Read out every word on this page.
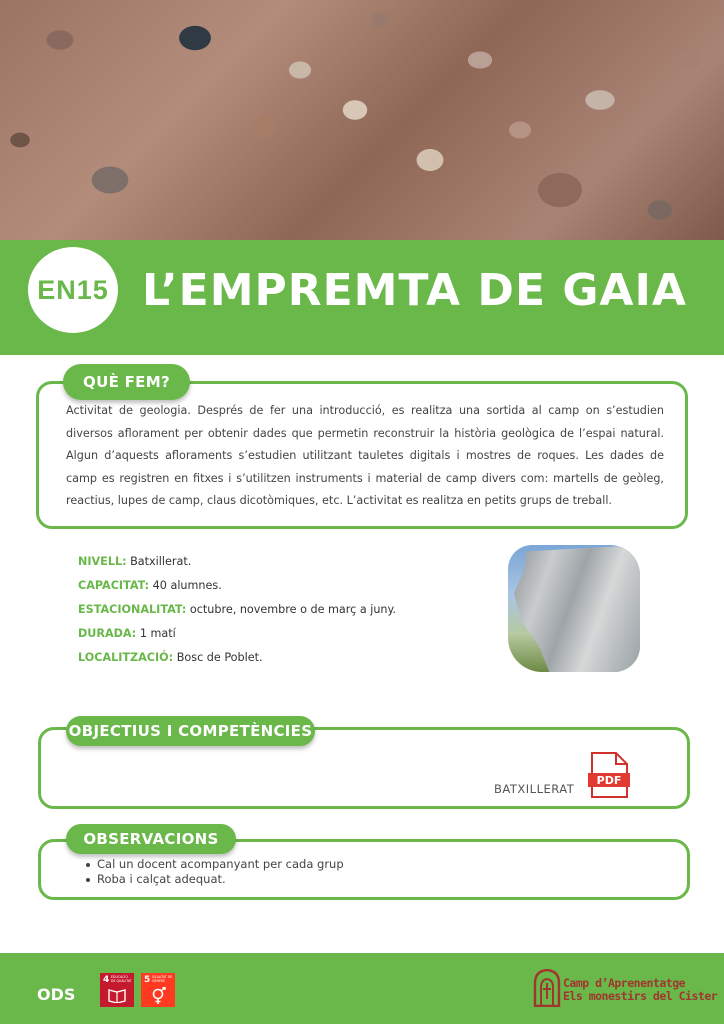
EN15 L’EMPREMTA DE GAIA
QUÈ FEM?
Activitat de geologia. Després de fer una introducció, es realitza una sortida al camp on s’estudien diversos aflorament per obtenir dades que permetin reconstruir la història geològica de l’espai natural. Algun d’aquests afloraments s’estudien utilitzant tauletes digitals i mostres de roques. Les dades de camp es registren en fitxes i s’utilitzen instruments i material de camp divers com: martells de geòleg, reactius, lupes de camp, claus dicotòmiques, etc. L’activitat es realitza en petits grups de treball.
NIVELL: Batxillerat.
CAPACITAT: 40 alumnes.
ESTACIONALITAT: octubre, novembre o de març a juny.
DURADA: 1 matí
LOCALITZACIÓ: Bosc de Poblet.
OBJECTIUS I COMPETÈNCIES
BATXILLERAT
PDF
OBSERVACIONS
Cal un docent acompanyant per cada grup
Roba i calçat adequat.
ODS
4 EDUCACIÓ DE QUALITAT 5 IGUALTAT DE GÈNERE	Camp d’Aprenentatge
Els monestirs del Cister
